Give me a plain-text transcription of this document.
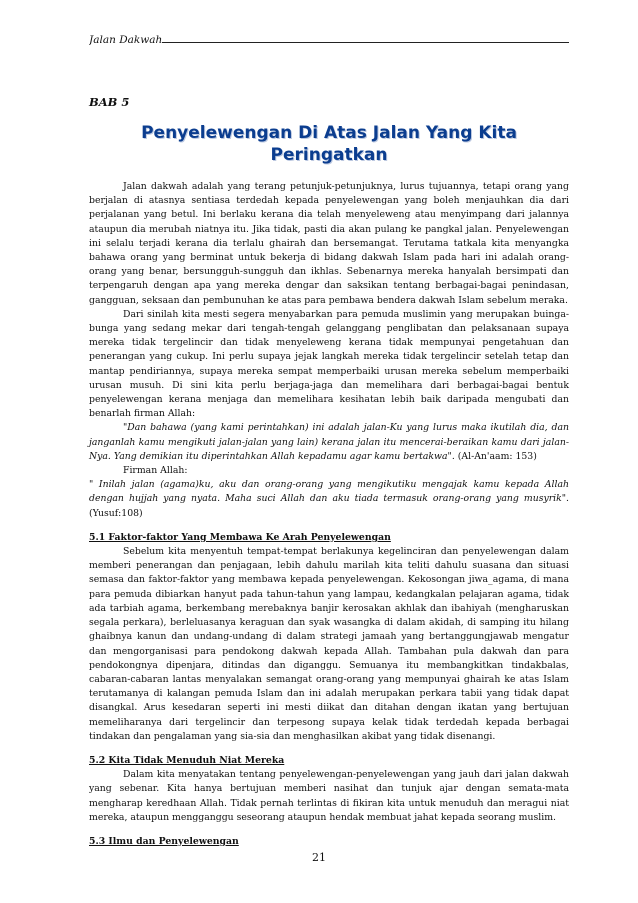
Jalan Dakwah
BAB 5
Penyelewengan Di Atas Jalan Yang Kita
Peringatkan

Jalan dakwah adalah yang terang petunjuk-petunjuknya, lurus tujuannya, tetapi orang yang berjalan di atasnya sentiasa terdedah kepada penyelewengan yang boleh menjauhkan dia dari perjalanan yang betul. Ini berlaku kerana dia telah menyeleweng atau menyimpang dari jalannya ataupun dia merubah niatnya itu. Jika tidak, pasti dia akan pulang ke pangkal jalan. Penyelewengan ini selalu terjadi kerana dia terlalu ghairah dan bersemangat. Terutama tatkala kita menyangka bahawa orang yang berminat untuk bekerja di bidang dakwah Islam pada hari ini adalah orang-orang yang benar, bersungguh-sungguh dan ikhlas. Sebenarnya mereka hanyalah bersimpati dan terpengaruh dengan apa yang mereka dengar dan saksikan tentang berbagai-bagai penindasan, gangguan, seksaan dan pembunuhan ke atas para pembawa bendera dakwah Islam sebelum meraka.

Dari sinilah kita mesti segera menyabarkan para pemuda muslimin yang merupakan buinga-bunga yang sedang mekar dari tengah-tengah gelanggang penglibatan dan pelaksanaan supaya mereka tidak tergelincir dan tidak menyeleweng kerana tidak mempunyai pengetahuan dan penerangan yang cukup. Ini perlu supaya jejak langkah mereka tidak tergelincir setelah tetap dan mantap pendiriannya, supaya mereka sempat memperbaiki urusan mereka sebelum memperbaiki urusan musuh. Di sini kita perlu berjaga-jaga dan memelihara dari berbagai-bagai bentuk penyelewengan kerana menjaga dan memelihara kesihatan lebih baik daripada mengubati dan benarlah firman Allah:

"Dan bahawa (yang kami perintahkan) ini adalah jalan-Ku yang lurus maka ikutilah dia, dan janganlah kamu mengikuti jalan-jalan yang lain) kerana jalan itu mencerai-beraikan kamu dari jalan-Nya. Yang demikian itu diperintahkan Allah kepadamu agar kamu bertakwa". (Al-An'aam: 153)

Firman Allah:

" Inilah jalan (agama)ku, aku dan orang-orang yang mengikutiku mengajak kamu kepada Allah dengan hujjah yang nyata. Maha suci Allah dan aku tiada termasuk orang-orang yang musyrik". (Yusuf:108)

5.1 Faktor-faktor Yang Membawa Ke Arah Penyelewengan

Sebelum kita menyentuh tempat-tempat berlakunya kegelinciran dan penyelewengan dalam memberi penerangan dan penjagaan, lebih dahulu marilah kita teliti dahulu suasana dan situasi semasa dan faktor-faktor yang membawa kepada penyelewengan. Kekosongan jiwa_agama, di mana para pemuda dibiarkan hanyut pada tahun-tahun yang lampau, kedangkalan pelajaran agama, tidak ada tarbiah agama, berkembang merebaknya banjir kerosakan akhlak dan ibahiyah (mengharuskan segala perkara), berleluasanya keraguan dan syak wasangka di dalam akidah, di samping itu hilang ghaibnya kanun dan undang-undang di dalam strategi jamaah yang bertanggungjawab mengatur dan mengorganisasi para pendokong dakwah kepada Allah. Tambahan pula dakwah dan para pendokongnya dipenjara, ditindas dan diganggu. Semuanya itu membangkitkan tindakbalas, cabaran-cabaran lantas menyalakan semangat orang-orang yang mempunyai ghairah ke atas Islam terutamanya di kalangan pemuda Islam dan ini adalah merupakan perkara tabii yang tidak dapat disangkal. Arus kesedaran seperti ini mesti diikat dan ditahan dengan ikatan yang bertujuan memeliharanya dari tergelincir dan terpesong supaya kelak tidak terdedah kepada berbagai tindakan dan pengalaman yang sia-sia dan menghasilkan akibat yang tidak disenangi.

5.2 Kita Tidak Menuduh Niat Mereka

Dalam kita menyatakan tentang penyelewengan-penyelewengan yang jauh dari jalan dakwah yang sebenar. Kita hanya bertujuan memberi nasihat dan tunjuk ajar dengan semata-mata mengharap keredhaan Allah. Tidak pernah terlintas di fikiran kita untuk menuduh dan meragui niat mereka, ataupun mengganggu seseorang ataupun hendak membuat jahat kepada seorang muslim.

5.3 Ilmu dan Penyelewengan

21
